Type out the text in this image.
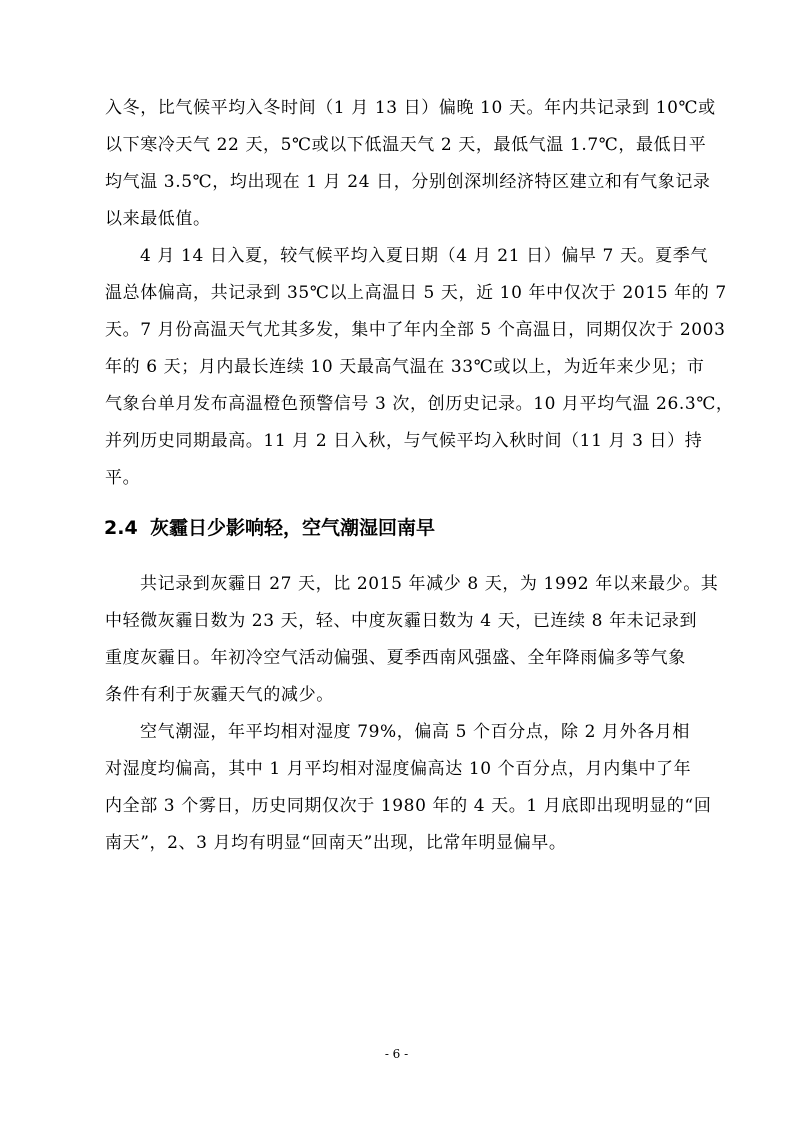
入冬，比气候平均入冬时间（1 月 13 日）偏晚 10 天。年内共记录到 10℃或
以下寒冷天气 22 天，5℃或以下低温天气 2 天，最低气温 1.7℃，最低日平
均气温 3.5℃，均出现在 1 月 24 日，分别创深圳经济特区建立和有气象记录
以来最低值。
4 月 14 日入夏，较气候平均入夏日期（4 月 21 日）偏早 7 天。夏季气
温总体偏高，共记录到 35℃以上高温日 5 天，近 10 年中仅次于 2015 年的 7
天。7 月份高温天气尤其多发，集中了年内全部 5 个高温日，同期仅次于 2003
年的 6 天；月内最长连续 10 天最高气温在 33℃或以上，为近年来少见；市
气象台单月发布高温橙色预警信号 3 次，创历史记录。10 月平均气温 26.3℃，
并列历史同期最高。11 月 2 日入秋，与气候平均入秋时间（11 月 3 日）持
平。
2.4 灰霾日少影响轻，空气潮湿回南早
共记录到灰霾日 27 天，比 2015 年减少 8 天，为 1992 年以来最少。其
中轻微灰霾日数为 23 天，轻、中度灰霾日数为 4 天，已连续 8 年未记录到
重度灰霾日。年初冷空气活动偏强、夏季西南风强盛、全年降雨偏多等气象
条件有利于灰霾天气的减少。
空气潮湿，年平均相对湿度 79%，偏高 5 个百分点，除 2 月外各月相
对湿度均偏高，其中 1 月平均相对湿度偏高达 10 个百分点，月内集中了年
内全部 3 个雾日，历史同期仅次于 1980 年的 4 天。1 月底即出现明显的“回
南天”，2、3 月均有明显“回南天”出现，比常年明显偏早。
- 6 -
